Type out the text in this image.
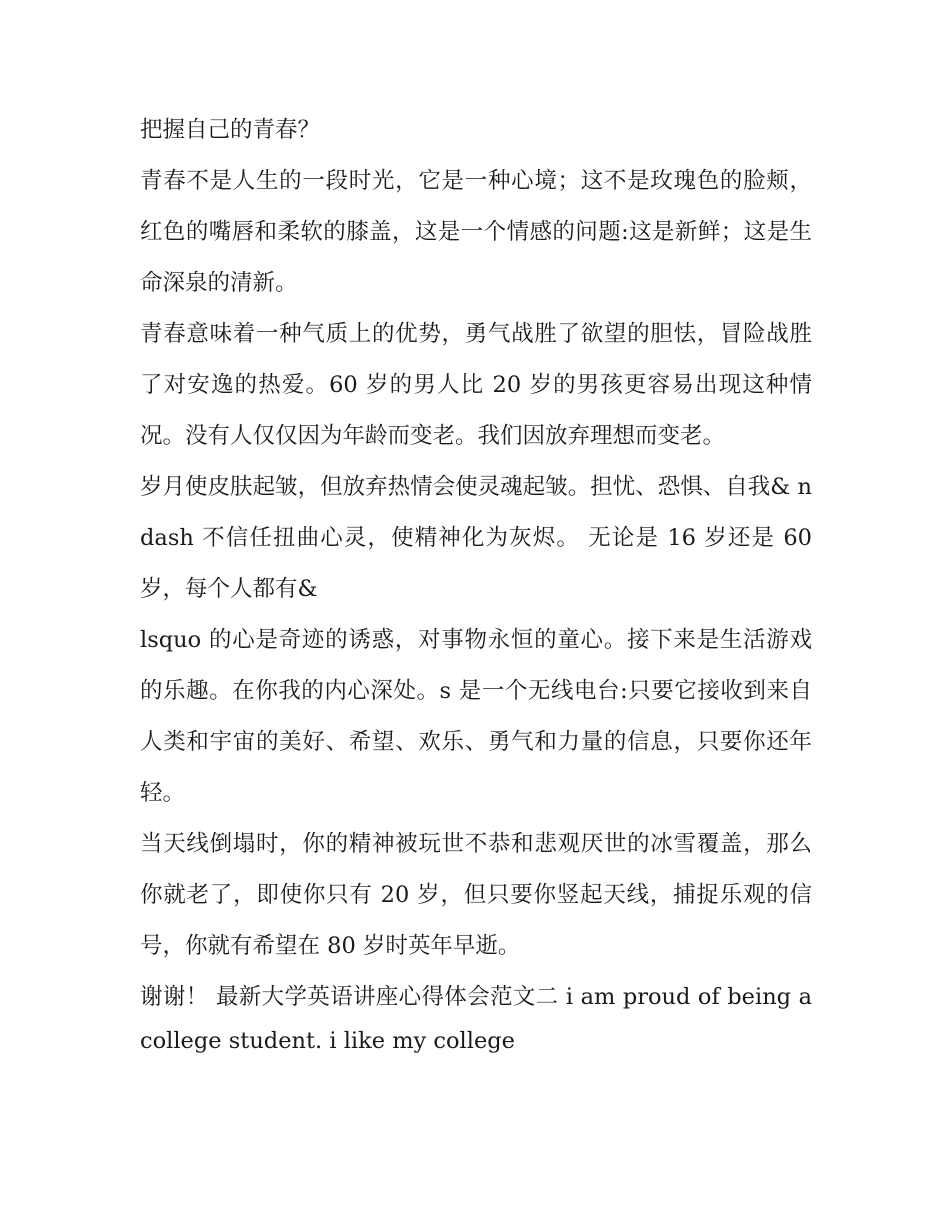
把握自己的青春？

青春不是人生的一段时光，它是一种心境；这不是玫瑰色的脸颊，红色的嘴唇和柔软的膝盖，这是一个情感的问题:这是新鲜；这是生命深泉的清新。

青春意味着一种气质上的优势，勇气战胜了欲望的胆怯，冒险战胜了对安逸的热爱。60 岁的男人比 20 岁的男孩更容易出现这种情况。没有人仅仅因为年龄而变老。我们因放弃理想而变老。

岁月使皮肤起皱，但放弃热情会使灵魂起皱。担忧、恐惧、自我& ndash 不信任扭曲心灵，使精神化为灰烬。 无论是 16 岁还是 60 岁，每个人都有&

lsquo 的心是奇迹的诱惑，对事物永恒的童心。接下来是生活游戏的乐趣。在你我的内心深处。s 是一个无线电台:只要它接收到来自人类和宇宙的美好、希望、欢乐、勇气和力量的信息，只要你还年轻。

当天线倒塌时，你的精神被玩世不恭和悲观厌世的冰雪覆盖，那么你就老了，即使你只有 20 岁，但只要你竖起天线，捕捉乐观的信号，你就有希望在 80 岁时英年早逝。

谢谢！ 最新大学英语讲座心得体会范文二 i am proud of being a college student. i like my college
